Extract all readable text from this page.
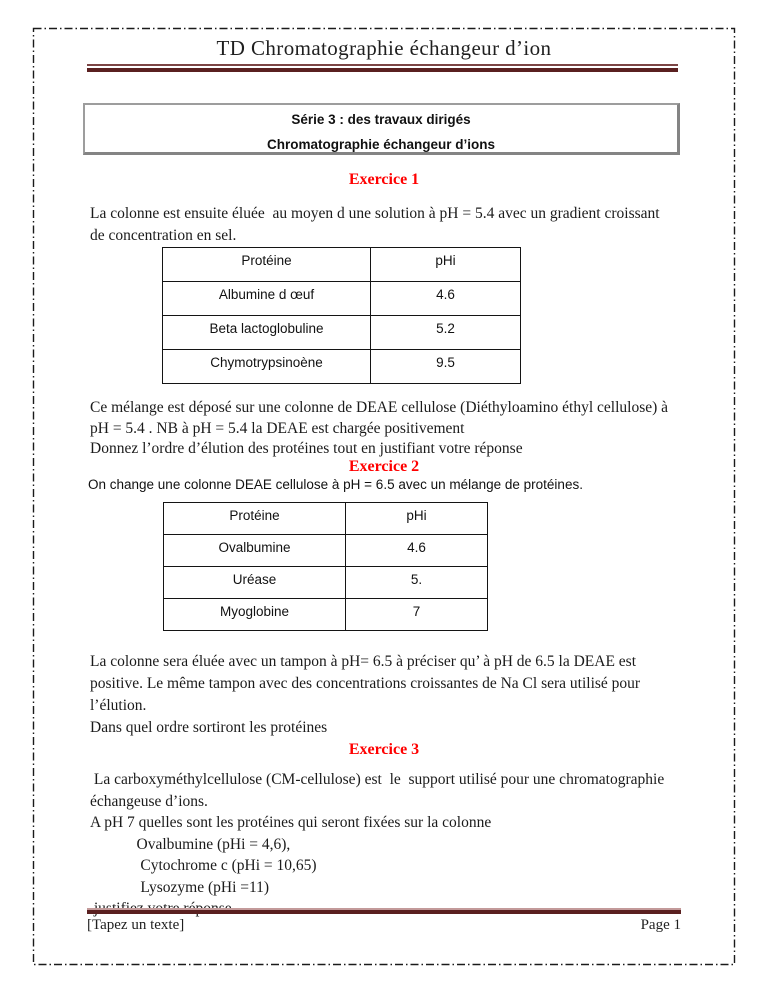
TD Chromatographie échangeur d’ion
Série 3 : des travaux dirigés
Chromatographie échangeur d’ions
Exercice 1
La colonne est ensuite éluée  au moyen d une solution à pH = 5.4 avec un gradient croissant
de concentration en sel.
Protéine	pHi
Albumine d œuf	4.6
Beta lactoglobuline	5.2
Chymotrypsinoène	9.5
Ce mélange est déposé sur une colonne de DEAE cellulose (Diéthyloamino éthyl cellulose) à
pH = 5.4 . NB à pH = 5.4 la DEAE est chargée positivement
Donnez l’ordre d’élution des protéines tout en justifiant votre réponse
Exercice 2
On change une colonne DEAE cellulose à pH = 6.5 avec un mélange de protéines.
Protéine	pHi
Ovalbumine	4.6
Uréase	5.
Myoglobine	7
La colonne sera éluée avec un tampon à pH= 6.5 à préciser qu’ à pH de 6.5 la DEAE est
positive. Le même tampon avec des concentrations croissantes de Na Cl sera utilisé pour
l’élution.
Dans quel ordre sortiront les protéines
Exercice 3
La carboxyméthylcellulose (CM-cellulose) est  le  support utilisé pour une chromatographie
échangeuse d’ions.
A pH 7 quelles sont les protéines qui seront fixées sur la colonne
Ovalbumine (pHi = 4,6),
Cytochrome c (pHi = 10,65)
Lysozyme (pHi =11)
[Tapez un texte]	Page 1
